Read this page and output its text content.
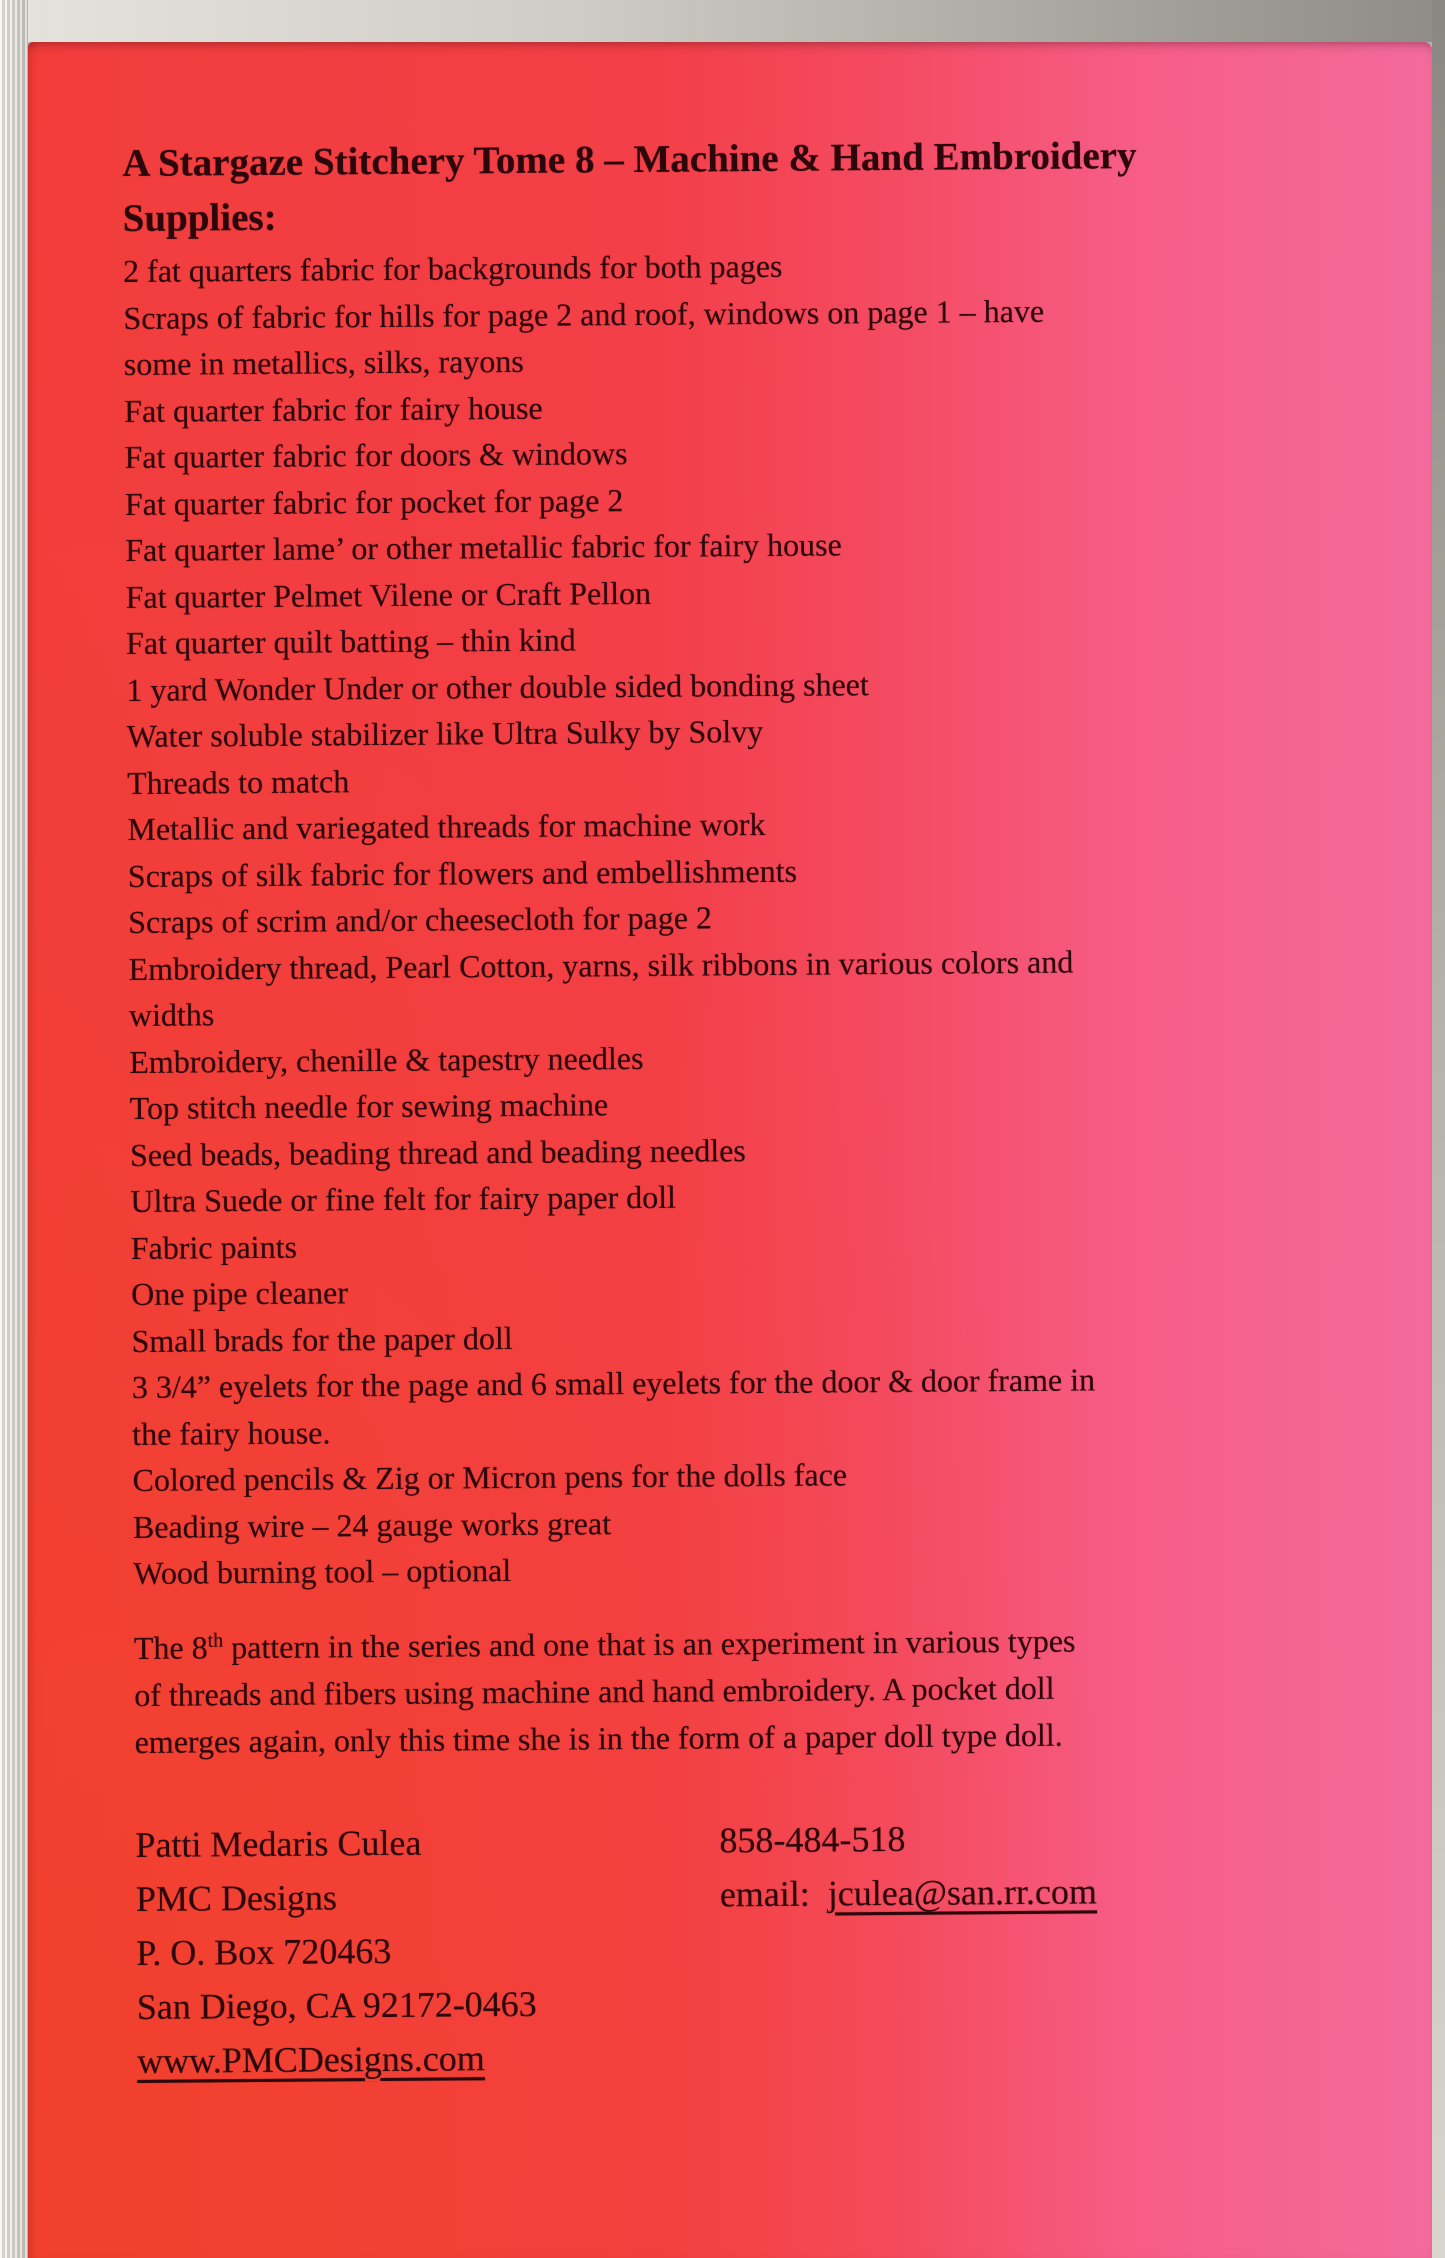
A Stargaze Stitchery Tome 8 – Machine & Hand Embroidery
Supplies:
2 fat quarters fabric for backgrounds for both pages
Scraps of fabric for hills for page 2 and roof, windows on page 1 – have
some in metallics, silks, rayons
Fat quarter fabric for fairy house
Fat quarter fabric for doors & windows
Fat quarter fabric for pocket for page 2
Fat quarter lame’ or other metallic fabric for fairy house
Fat quarter Pelmet Vilene or Craft Pellon
Fat quarter quilt batting – thin kind
1 yard Wonder Under or other double sided bonding sheet
Water soluble stabilizer like Ultra Sulky by Solvy
Threads to match
Metallic and variegated threads for machine work
Scraps of silk fabric for flowers and embellishments
Scraps of scrim and/or cheesecloth for page 2
Embroidery thread, Pearl Cotton, yarns, silk ribbons in various colors and
widths
Embroidery, chenille & tapestry needles
Top stitch needle for sewing machine
Seed beads, beading thread and beading needles
Ultra Suede or fine felt for fairy paper doll
Fabric paints
One pipe cleaner
Small brads for the paper doll
3 3/4” eyelets for the page and 6 small eyelets for the door & door frame in
the fairy house.
Colored pencils & Zig or Micron pens for the dolls face
Beading wire – 24 gauge works great
Wood burning tool – optional
The 8th pattern in the series and one that is an experiment in various types
of threads and fibers using machine and hand embroidery. A pocket doll
emerges again, only this time she is in the form of a paper doll type doll.
Patti Medaris Culea	858-484-518
PMC Designs	email: jculea@san.rr.com
P. O. Box 720463
San Diego, CA 92172-0463
www.PMCDesigns.com
